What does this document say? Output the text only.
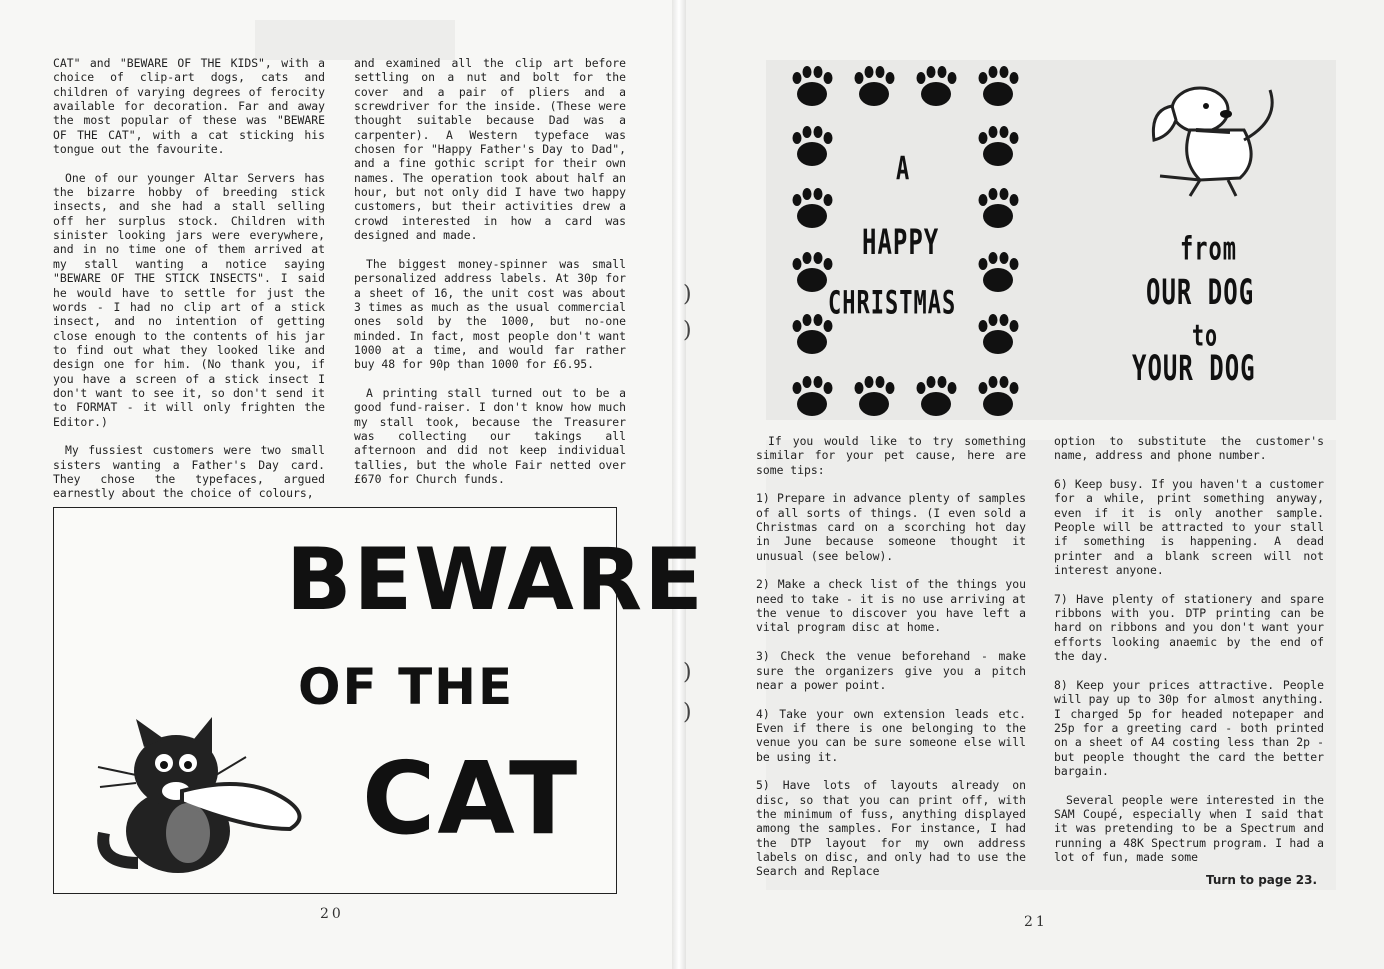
CAT" and "BEWARE OF THE KIDS", with a choice of clip-art dogs, cats and children of varying degrees of ferocity available for decoration. Far and away the most popular of these was "BEWARE OF THE CAT", with a cat sticking his tongue out the favourite.

One of our younger Altar Servers has the bizarre hobby of breeding stick insects, and she had a stall selling off her surplus stock. Children with sinister looking jars were everywhere, and in no time one of them arrived at my stall wanting a notice saying "BEWARE OF THE STICK INSECTS". I said he would have to settle for just the words - I had no clip art of a stick insect, and no intention of getting close enough to the contents of his jar to find out what they looked like and design one for him. (No thank you, if you have a screen of a stick insect I don't want to see it, so don't send it to FORMAT - it will only frighten the Editor.)

My fussiest customers were two small sisters wanting a Father's Day card. They chose the typefaces, argued earnestly about the choice of colours,

and examined all the clip art before settling on a nut and bolt for the cover and a pair of pliers and a screwdriver for the inside. (These were thought suitable because Dad was a carpenter). A Western typeface was chosen for "Happy Father's Day to Dad", and a fine gothic script for their own names. The operation took about half an hour, but not only did I have two happy customers, but their activities drew a crowd interested in how a card was designed and made.

The biggest money-spinner was small personalized address labels. At 30p for a sheet of 16, the unit cost was about 3 times as much as the usual commercial ones sold by the 1000, but no-one minded. In fact, most people don't want 1000 at a time, and would far rather buy 48 for 90p than 1000 for £6.95.

A printing stall turned out to be a good fund-raiser. I don't know how much my stall took, because the Treasurer was collecting our takings all afternoon and did not keep individual tallies, but the whole Fair netted over £670 for Church funds.

BEWARE
OF THE
CAT
20
)
)
)
)
A
HAPPY
CHRISTMAS
from
OUR DOG
to
YOUR DOG

If you would like to try something similar for your pet cause, here are some tips:

1) Prepare in advance plenty of samples of all sorts of things. (I even sold a Christmas card on a scorching hot day in June because someone thought it unusual (see below).

2) Make a check list of the things you need to take - it is no use arriving at the venue to discover you have left a vital program disc at home.

3) Check the venue beforehand - make sure the organizers give you a pitch near a power point.

4) Take your own extension leads etc. Even if there is one belonging to the venue you can be sure someone else will be using it.

5) Have lots of layouts already on disc, so that you can print off, with the minimum of fuss, anything displayed among the samples. For instance, I had the DTP layout for my own address labels on disc, and only had to use the Search and Replace

option to substitute the customer's name, address and phone number.

6) Keep busy. If you haven't a customer for a while, print something anyway, even if it is only another sample. People will be attracted to your stall if something is happening. A dead printer and a blank screen will not interest anyone.

7) Have plenty of stationery and spare ribbons with you. DTP printing can be hard on ribbons and you don't want your efforts looking anaemic by the end of the day.

8) Keep your prices attractive. People will pay up to 30p for almost anything. I charged 5p for headed notepaper and 25p for a greeting card - both printed on a sheet of A4 costing less than 2p - but people thought the card the better bargain.

Several people were interested in the SAM Coupé, especially when I said that it was pretending to be a Spectrum and running a 48K Spectrum program. I had a lot of fun, made some

Turn to page 23.
21
